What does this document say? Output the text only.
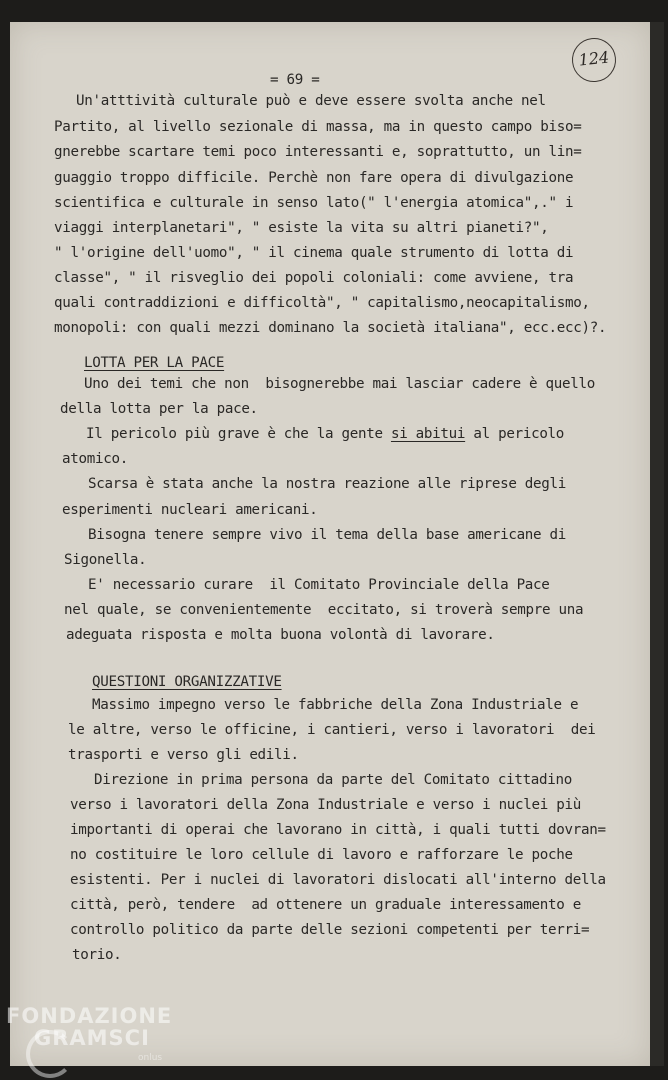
124
= 69 =
Un'atttività culturale può e deve essere svolta anche nel
Partito, al livello sezionale di massa, ma in questo campo biso=
gnerebbe scartare temi poco interessanti e, soprattutto, un lin=
guaggio troppo difficile. Perchè non fare opera di divulgazione
scientifica e culturale in senso lato(" l'energia atomica",." i
viaggi interplanetari", " esiste la vita su altri pianeti?",
" l'origine dell'uomo", " il cinema quale strumento di lotta di
classe", " il risveglio dei popoli coloniali: come avviene, tra
quali contraddizioni e difficoltà", " capitalismo,neocapitalismo,
monopoli: con quali mezzi dominano la società italiana", ecc.ecc)?.
LOTTA PER LA PACE
Uno dei temi che non  bisognerebbe mai lasciar cadere è quello
della lotta per la pace.
Il pericolo più grave è che la gente si abitui al pericolo
atomico.
Scarsa è stata anche la nostra reazione alle riprese degli
esperimenti nucleari americani.
Bisogna tenere sempre vivo il tema della base americane di
Sigonella.
E' necessario curare  il Comitato Provinciale della Pace
nel quale, se convenientemente  eccitato, si troverà sempre una
adeguata risposta e molta buona volontà di lavorare.
QUESTIONI ORGANIZZATIVE
Massimo impegno verso le fabbriche della Zona Industriale e
le altre, verso le officine, i cantieri, verso i lavoratori  dei
trasporti e verso gli edili.
Direzione in prima persona da parte del Comitato cittadino
verso i lavoratori della Zona Industriale e verso i nuclei più
importanti di operai che lavorano in città, i quali tutti dovran=
no costituire le loro cellule di lavoro e rafforzare le poche
esistenti. Per i nuclei di lavoratori dislocati all'interno della
città, però, tendere  ad ottenere un graduale interessamento e
controllo politico da parte delle sezioni competenti per terri=
torio.
FONDAZIONE
GRAMSCI
onlus
